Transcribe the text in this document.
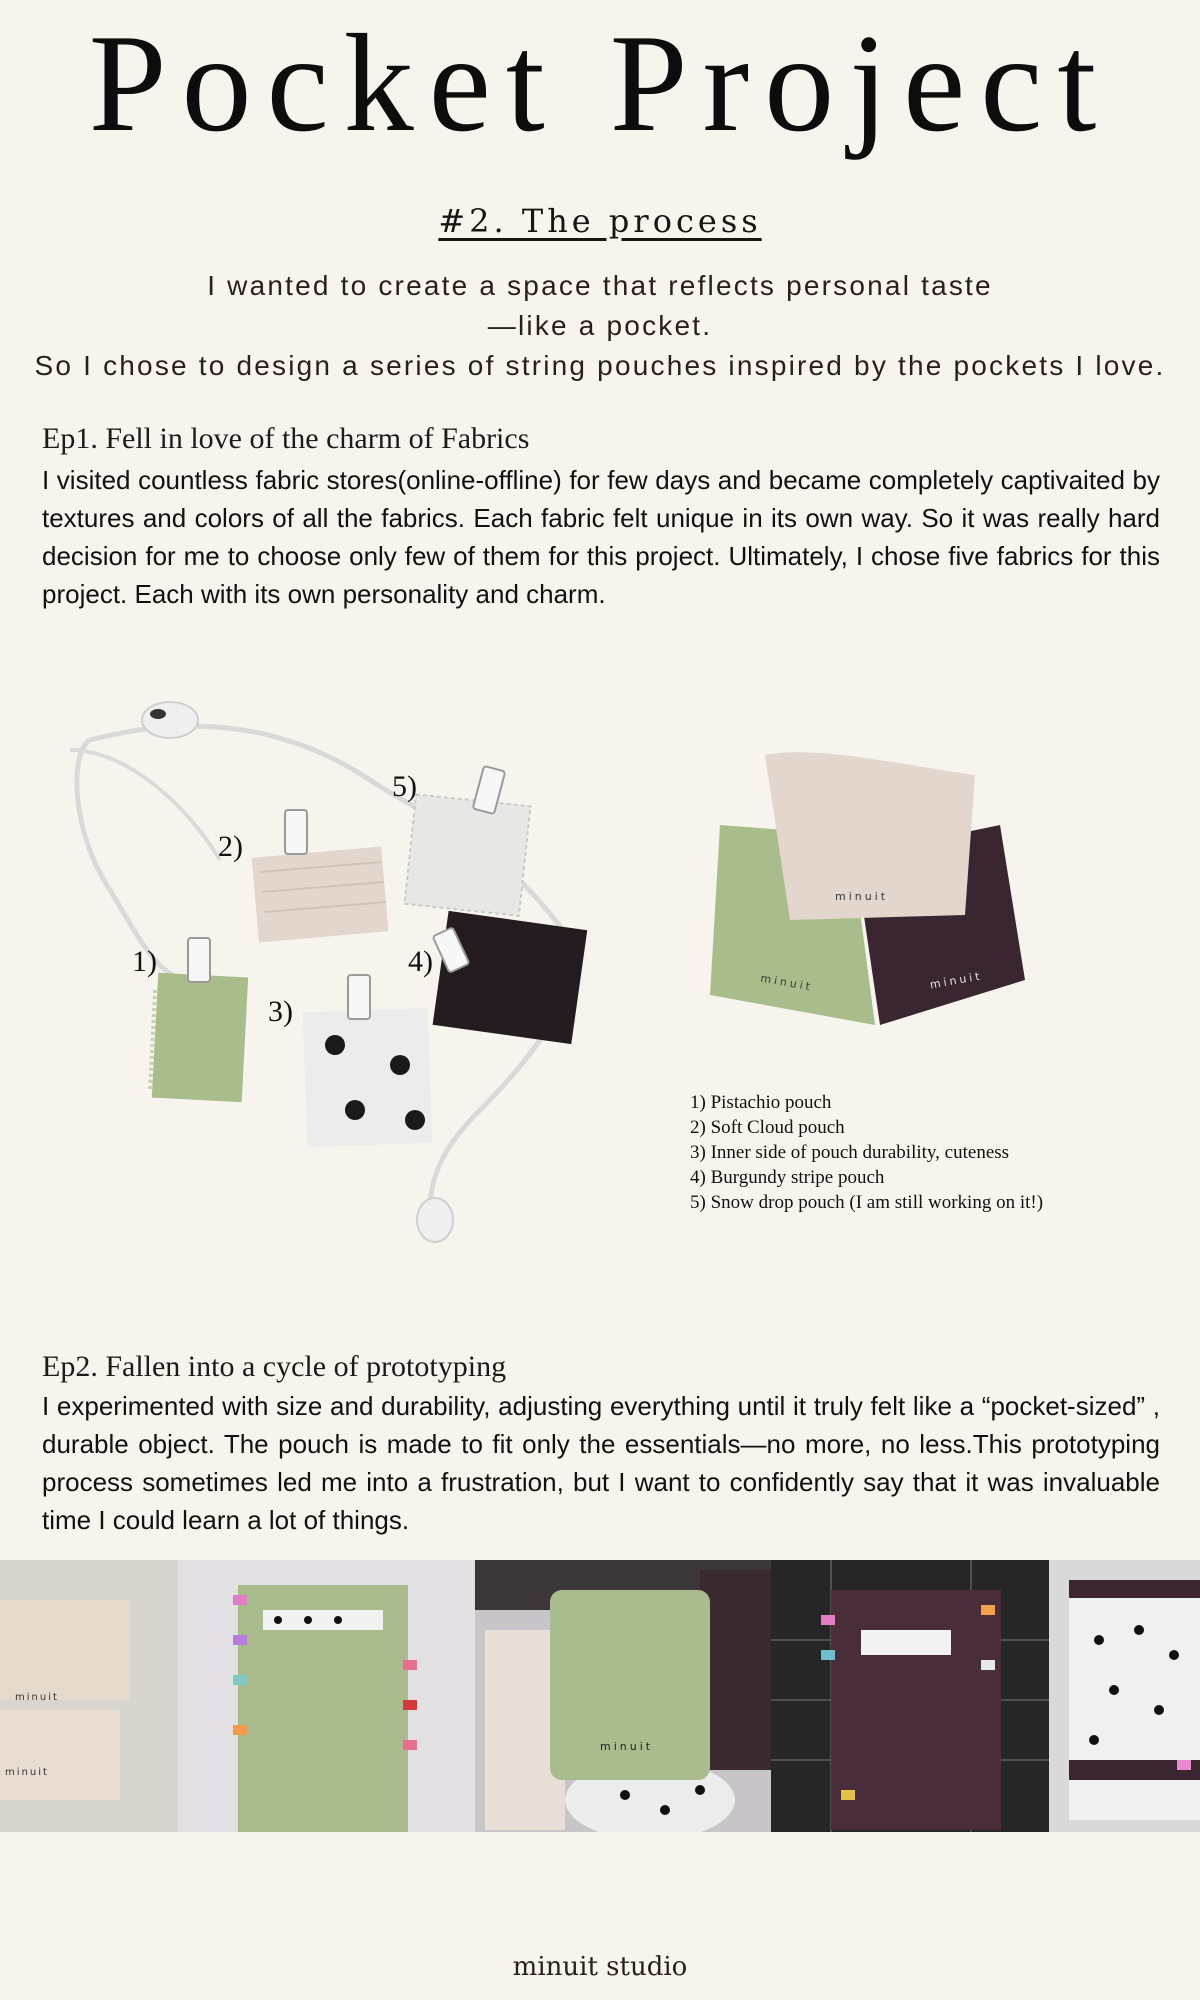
Pocket Project
#2. The process
I wanted to create a space that reflects personal taste
—like a pocket.
So I chose to design a series of string pouches inspired by the pockets I love.
Ep1. Fell in love of the charm of Fabrics
I visited countless fabric stores(online-offline) for few days and became completely captivaited by textures and colors of all the fabrics. Each fabric felt unique in its own way. So it was really hard decision for me to choose only few of them for this project. Ultimately, I chose five fabrics for this project. Each with its own personality and charm.
1)
2)
3)
4)
5)
minuit	minuit
minuit
1) Pistachio pouch
2) Soft Cloud pouch
3) Inner side of pouch durability, cuteness
4) Burgundy stripe pouch
5) Snow drop pouch (I am still working on it!)
Ep2. Fallen into a cycle of prototyping
I experimented with size and durability, adjusting everything until it truly felt like a “pocket-sized” , durable object. The pouch is made to fit only the essentials—no more, no less.This prototyping process sometimes led me into a frustration, but I want to confidently say that it was invaluable time I could learn a lot of things.
minuit
minuit
minuit
minuit studio
